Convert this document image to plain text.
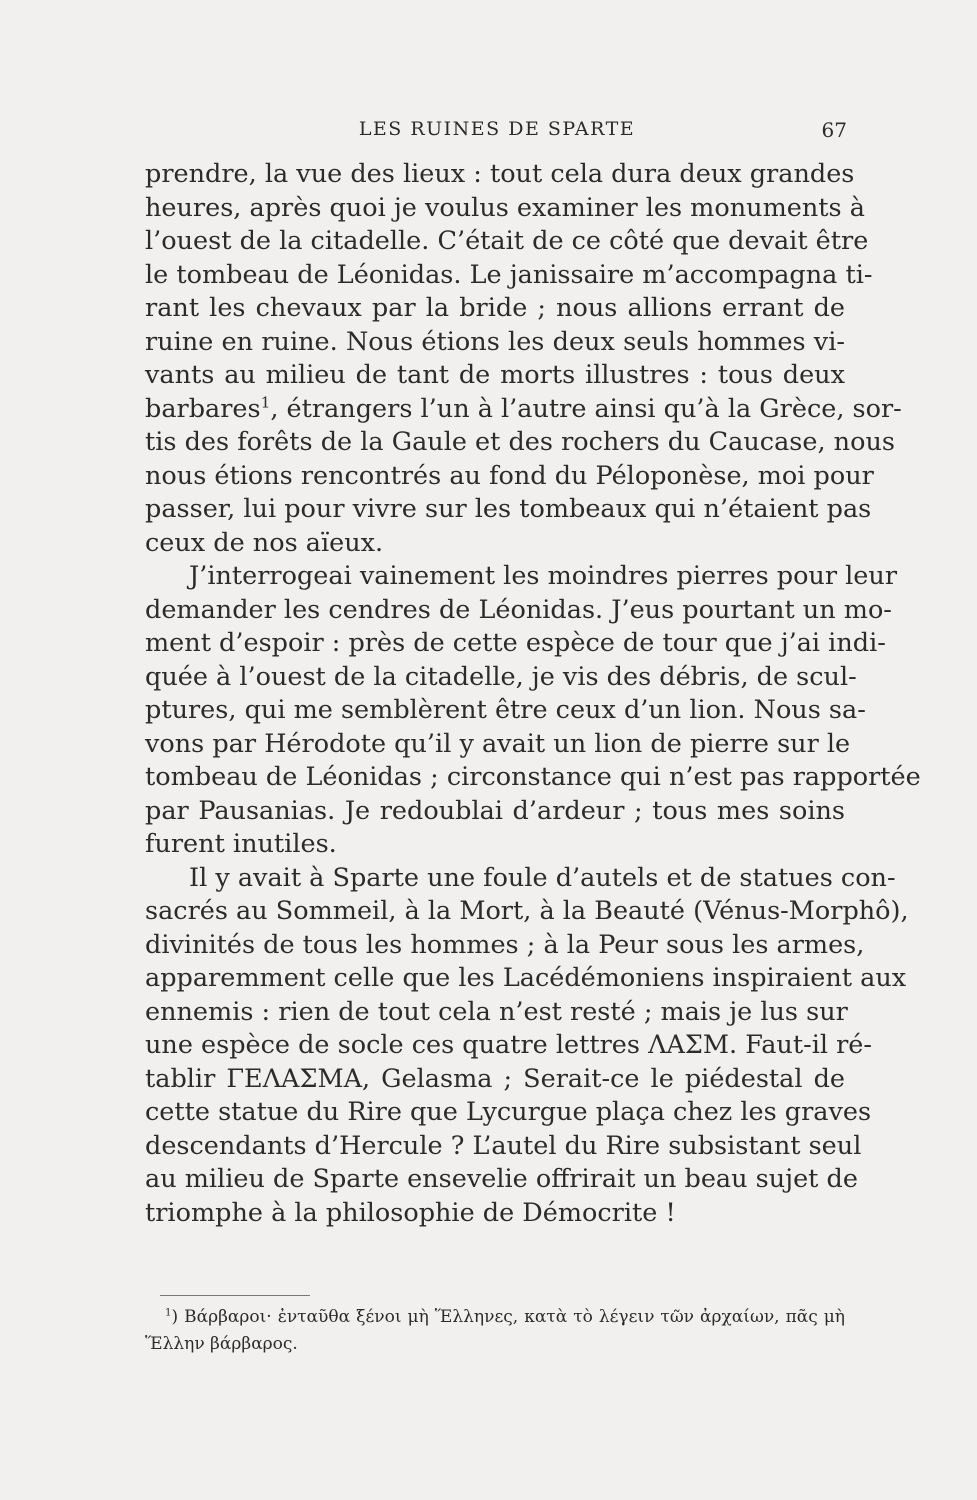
LES RUINES DE SPARTE	67
prendre, la vue des lieux : tout cela dura deux grandes
heures, après quoi je voulus examiner les monuments à
l’ouest de la citadelle. C’était de ce côté que devait être
le tombeau de Léonidas. Le janissaire m’accompagna ti-
rant les chevaux par la bride ; nous allions errant de
ruine en ruine. Nous étions les deux seuls hommes vi-
vants au milieu de tant de morts illustres : tous deux
barbares$^1$, étrangers l’un à l’autre ainsi qu’à la Grèce, sor-
tis des forêts de la Gaule et des rochers du Caucase, nous
nous étions rencontrés au fond du Péloponèse, moi pour
passer, lui pour vivre sur les tombeaux qui n’étaient pas
ceux de nos aïeux.
J’interrogeai vainement les moindres pierres pour leur
demander les cendres de Léonidas. J’eus pourtant un mo-
ment d’espoir : près de cette espèce de tour que j’ai indi-
quée à l’ouest de la citadelle, je vis des débris, de scul-
ptures, qui me semblèrent être ceux d’un lion. Nous sa-
vons par Hérodote qu’il y avait un lion de pierre sur le
tombeau de Léonidas ; circonstance qui n’est pas rapportée
par Pausanias. Je redoublai d’ardeur ; tous mes soins
furent inutiles.
Il y avait à Sparte une foule d’autels et de statues con-
sacrés au Sommeil, à la Mort, à la Beauté (Vénus-Morphô),
divinités de tous les hommes ; à la Peur sous les armes,
apparemment celle que les Lacédémoniens inspiraient aux
ennemis : rien de tout cela n’est resté ; mais je lus sur
une espèce de socle ces quatre lettres ΛΑΣΜ. Faut-il ré-
tablir ΓΕΛΑΣΜΑ, Gelasma ; Serait-ce le piédestal de
cette statue du Rire que Lycurgue plaça chez les graves
descendants d’Hercule ? L’autel du Rire subsistant seul
au milieu de Sparte ensevelie offrirait un beau sujet de
triomphe à la philosophie de Démocrite !
$^1$) Βάρβαροι· ἐνταῦθα ξένοι μὴ Ἕλληνες, κατὰ τὸ λέγειν τῶν ἀρχαίων, πᾶς μὴ
Ἕλλην βάρβαρος.
